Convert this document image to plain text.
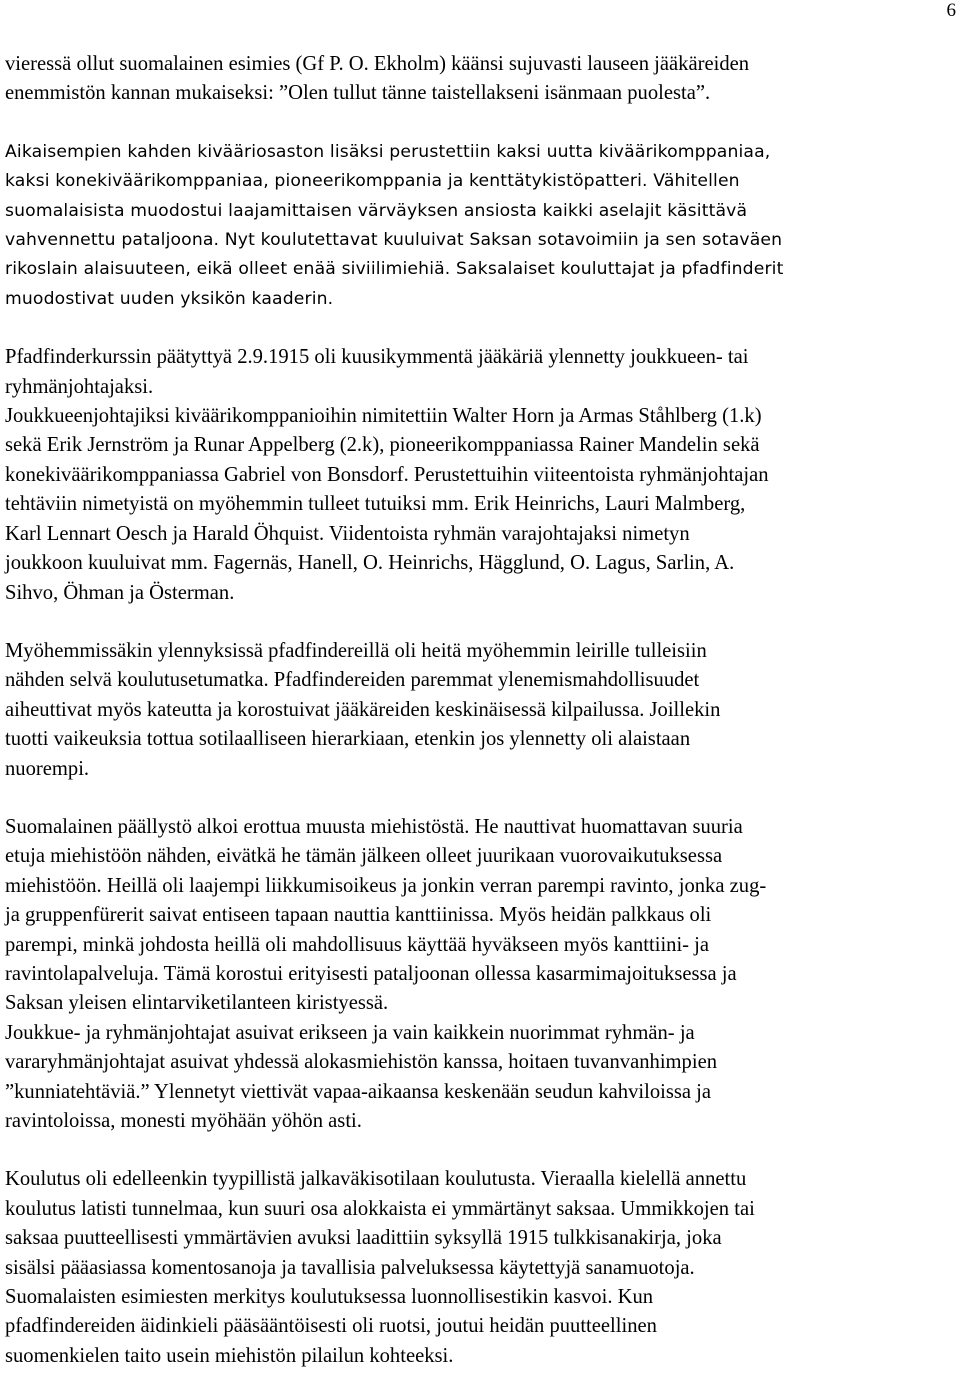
6
vieressä ollut suomalainen esimies (Gf P. O. Ekholm) käänsi sujuvasti lauseen jääkäreiden
enemmistön kannan mukaiseksi: ”Olen tullut tänne taistellakseni isänmaan puolesta”.
Aikaisempien kahden kivääriosaston lisäksi perustettiin kaksi uutta kiväärikomppaniaa,
kaksi konekiväärikomppaniaa, pioneerikomppania ja kenttätykistöpatteri. Vähitellen
suomalaisista muodostui laajamittaisen värväyksen ansiosta kaikki aselajit käsittävä
vahvennettu pataljoona. Nyt koulutettavat kuuluivat Saksan sotavoimiin ja sen sotaväen
rikoslain alaisuuteen, eikä olleet enää siviilimiehiä. Saksalaiset kouluttajat ja pfadfinderit
muodostivat uuden yksikön kaaderin.
Pfadfinderkurssin päätyttyä 2.9.1915 oli kuusikymmentä jääkäriä ylennetty joukkueen- tai
ryhmänjohtajaksi.
Joukkueenjohtajiksi kiväärikomppanioihin nimitettiin Walter Horn ja Armas Ståhlberg (1.k)
sekä Erik Jernström ja Runar Appelberg (2.k), pioneerikomppaniassa Rainer Mandelin sekä
konekiväärikomppaniassa Gabriel von Bonsdorf. Perustettuihin viiteentoista ryhmänjohtajan
tehtäviin nimetyistä on myöhemmin tulleet tutuiksi mm. Erik Heinrichs, Lauri Malmberg,
Karl Lennart Oesch ja Harald Öhquist. Viidentoista ryhmän varajohtajaksi nimetyn
joukkoon kuuluivat mm. Fagernäs, Hanell, O. Heinrichs, Hägglund, O. Lagus, Sarlin, A.
Sihvo, Öhman ja Österman.
Myöhemmissäkin ylennyksissä pfadfindereillä oli heitä myöhemmin leirille tulleisiin
nähden selvä koulutusetumatka. Pfadfindereiden paremmat ylenemismahdollisuudet
aiheuttivat myös kateutta ja korostuivat jääkäreiden keskinäisessä kilpailussa. Joillekin
tuotti vaikeuksia tottua sotilaalliseen hierarkiaan, etenkin jos ylennetty oli alaistaan
nuorempi.
Suomalainen päällystö alkoi erottua muusta miehistöstä. He nauttivat huomattavan suuria
etuja miehistöön nähden, eivätkä he tämän jälkeen olleet juurikaan vuorovaikutuksessa
miehistöön. Heillä oli laajempi liikkumisoikeus ja jonkin verran parempi ravinto, jonka zug-
ja gruppenfürerit saivat entiseen tapaan nauttia kanttiinissa. Myös heidän palkkaus oli
parempi, minkä johdosta heillä oli mahdollisuus käyttää hyväkseen myös kanttiini- ja
ravintolapalveluja. Tämä korostui erityisesti pataljoonan ollessa kasarmimajoituksessa ja
Saksan yleisen elintarviketilanteen kiristyessä.
Joukkue- ja ryhmänjohtajat asuivat erikseen ja vain kaikkein nuorimmat ryhmän- ja
vararyhmänjohtajat asuivat yhdessä alokasmiehistön kanssa, hoitaen tuvanvanhimpien
”kunniatehtäviä.” Ylennetyt viettivät vapaa-aikaansa keskenään seudun kahviloissa ja
ravintoloissa, monesti myöhään yöhön asti.
Koulutus oli edelleenkin tyypillistä jalkaväkisotilaan koulutusta. Vieraalla kielellä annettu
koulutus latisti tunnelmaa, kun suuri osa alokkaista ei ymmärtänyt saksaa. Ummikkojen tai
saksaa puutteellisesti ymmärtävien avuksi laadittiin syksyllä 1915 tulkkisanakirja, joka
sisälsi pääasiassa komentosanoja ja tavallisia palveluksessa käytettyjä sanamuotoja.
Suomalaisten esimiesten merkitys koulutuksessa luonnollisestikin kasvoi. Kun
pfadfindereiden äidinkieli pääsääntöisesti oli ruotsi, joutui heidän puutteellinen
suomenkielen taito usein miehistön pilailun kohteeksi.
